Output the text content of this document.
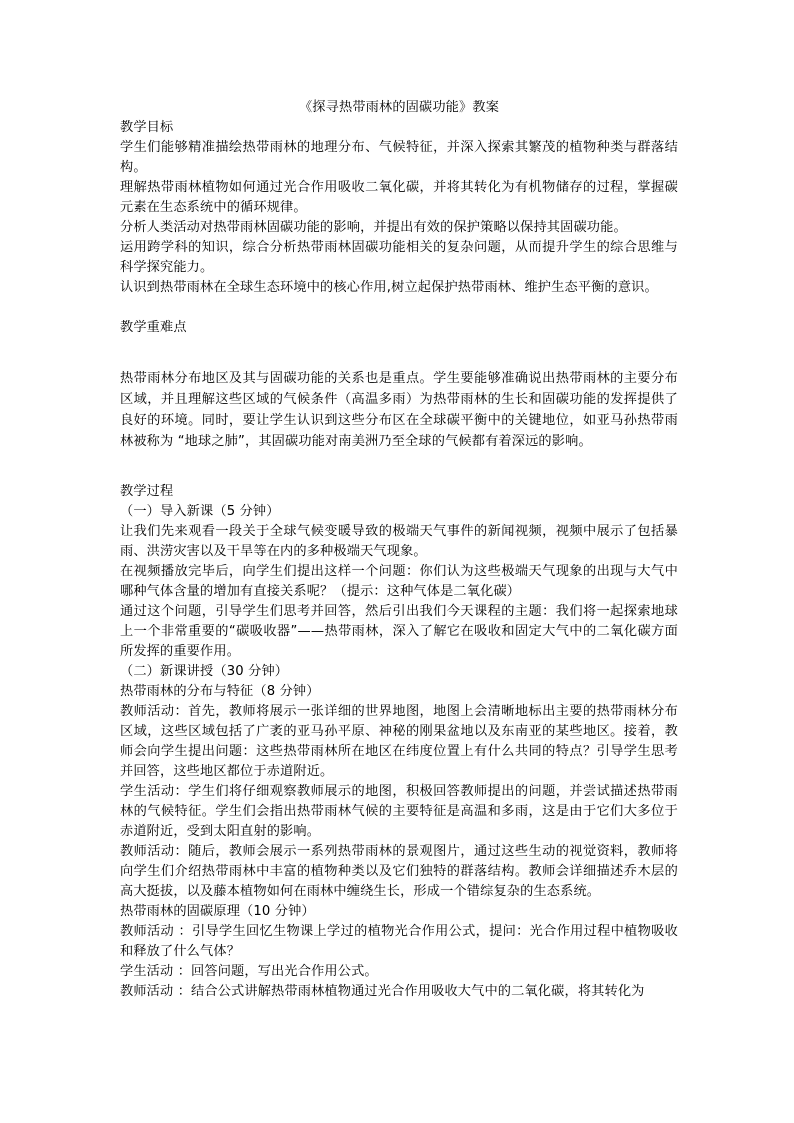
《探寻热带雨林的固碳功能》教案

教学目标

学生们能够精准描绘热带雨林的地理分布、气候特征，并深入探索其繁茂的植物种类与群落结构。

理解热带雨林植物如何通过光合作用吸收二氧化碳，并将其转化为有机物储存的过程，掌握碳元素在生态系统中的循环规律。

分析人类活动对热带雨林固碳功能的影响，并提出有效的保护策略以保持其固碳功能。

运用跨学科的知识，综合分析热带雨林固碳功能相关的复杂问题，从而提升学生的综合思维与科学探究能力。

认识到热带雨林在全球生态环境中的核心作用,树立起保护热带雨林、维护生态平衡的意识。

教学重难点

热带雨林分布地区及其与固碳功能的关系也是重点。学生要能够准确说出热带雨林的主要分布区域，并且理解这些区域的气候条件（高温多雨）为热带雨林的生长和固碳功能的发挥提供了良好的环境。同时，要让学生认识到这些分布区在全球碳平衡中的关键地位，如亚马孙热带雨林被称为 “地球之肺”，其固碳功能对南美洲乃至全球的气候都有着深远的影响。

教学过程

（一）导入新课（5 分钟）

让我们先来观看一段关于全球气候变暖导致的极端天气事件的新闻视频，视频中展示了包括暴雨、洪涝灾害以及干旱等在内的多种极端天气现象。

在视频播放完毕后，向学生们提出这样一个问题：你们认为这些极端天气现象的出现与大气中哪种气体含量的增加有直接关系呢？（提示：这种气体是二氧化碳）

通过这个问题，引导学生们思考并回答，然后引出我们今天课程的主题：我们将一起探索地球上一个非常重要的“碳吸收器”——热带雨林，深入了解它在吸收和固定大气中的二氧化碳方面所发挥的重要作用。

（二）新课讲授（30 分钟）

热带雨林的分布与特征（8 分钟）

教师活动：首先，教师将展示一张详细的世界地图，地图上会清晰地标出主要的热带雨林分布区域，这些区域包括了广袤的亚马孙平原、神秘的刚果盆地以及东南亚的某些地区。接着，教师会向学生提出问题：这些热带雨林所在地区在纬度位置上有什么共同的特点？引导学生思考并回答，这些地区都位于赤道附近。

学生活动：学生们将仔细观察教师展示的地图，积极回答教师提出的问题，并尝试描述热带雨林的气候特征。学生们会指出热带雨林气候的主要特征是高温和多雨，这是由于它们大多位于赤道附近，受到太阳直射的影响。

教师活动：随后，教师会展示一系列热带雨林的景观图片，通过这些生动的视觉资料，教师将向学生们介绍热带雨林中丰富的植物种类以及它们独特的群落结构。教师会详细描述乔木层的高大挺拔，以及藤本植物如何在雨林中缠绕生长，形成一个错综复杂的生态系统。

热带雨林的固碳原理（10 分钟）

教师活动 ：引导学生回忆生物课上学过的植物光合作用公式，提问：光合作用过程中植物吸收和释放了什么气体？

学生活动 ：回答问题，写出光合作用公式。

教师活动 ：结合公式讲解热带雨林植物通过光合作用吸收大气中的二氧化碳，将其转化为
